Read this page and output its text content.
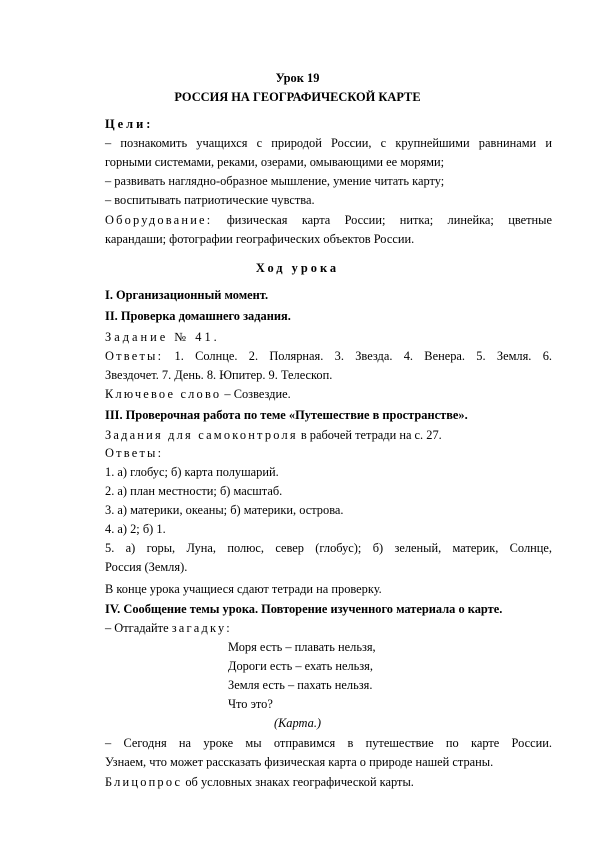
Урок 19
РОССИЯ НА ГЕОГРАФИЧЕСКОЙ КАРТЕ
Цели:
– познакомить учащихся с природой России, с крупнейшими равнинами и
горными системами, реками, озерами, омывающими ее морями;
– развивать наглядно-образное мышление, умение читать карту;
– воспитывать патриотические чувства.
Оборудование: физическая карта России; нитка; линейка; цветные
карандаши; фотографии географических объектов России.
Ход урока
I. Организационный момент.
II. Проверка домашнего задания.
Задание № 41.
Ответы: 1. Солнце. 2. Полярная. 3. Звезда. 4. Венера. 5. Земля. 6.
Звездочет. 7. День. 8. Юпитер. 9. Телескоп.
Ключевое слово – Созвездие.
III. Проверочная работа по теме «Путешествие в пространстве».
Задания для самоконтроля в рабочей тетради на с. 27.
Ответы:
1. а) глобус; б) карта полушарий.
2. а) план местности; б) масштаб.
3. а) материки, океаны; б) материки, острова.
4. а) 2; б) 1.
5. а) горы, Луна, полюс, север (глобус); б) зеленый, материк, Солнце,
Россия (Земля).
В конце урока учащиеся сдают тетради на проверку.
IV. Сообщение темы урока. Повторение изученного материала о карте.
– Отгадайте загадку:
Моря есть – плавать нельзя,
Дороги есть – ехать нельзя,
Земля есть – пахать нельзя.
Что это?
(Карта.)
– Сегодня на уроке мы отправимся в путешествие по карте России.
Узнаем, что может рассказать физическая карта о природе нашей страны.
Блицопрос об условных знаках географической карты.
